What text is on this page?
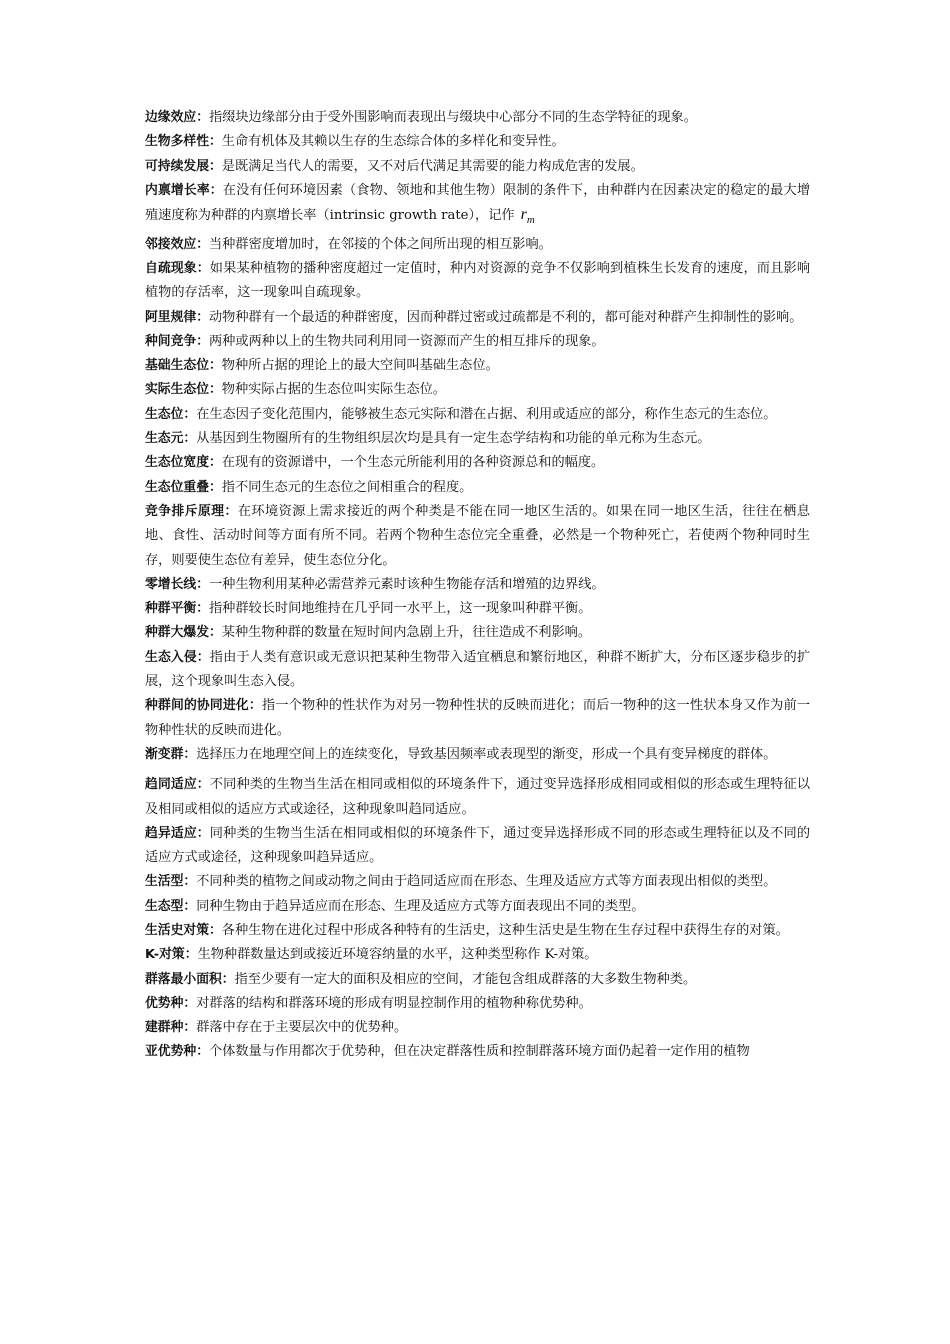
边缘效应：指缀块边缘部分由于受外围影响而表现出与缀块中心部分不同的生态学特征的现象。

生物多样性：生命有机体及其赖以生存的生态综合体的多样化和变异性。

可持续发展：是既满足当代人的需要，又不对后代满足其需要的能力构成危害的发展。

内禀增长率：在没有任何环境因素（食物、领地和其他生物）限制的条件下，由种群内在因素决定的稳定的最大增殖速度称为种群的内禀增长率（intrinsic growth rate），记作 $r_m$

邻接效应：当种群密度增加时，在邻接的个体之间所出现的相互影响。

自疏现象：如果某种植物的播种密度超过一定值时，种内对资源的竞争不仅影响到植株生长发育的速度，而且影响植物的存活率，这一现象叫自疏现象。

阿里规律：动物种群有一个最适的种群密度，因而种群过密或过疏都是不利的，都可能对种群产生抑制性的影响。

种间竞争：两种或两种以上的生物共同利用同一资源而产生的相互排斥的现象。

基础生态位：物种所占据的理论上的最大空间叫基础生态位。

实际生态位：物种实际占据的生态位叫实际生态位。

生态位：在生态因子变化范围内，能够被生态元实际和潜在占据、利用或适应的部分，称作生态元的生态位。

生态元：从基因到生物圈所有的生物组织层次均是具有一定生态学结构和功能的单元称为生态元。

生态位宽度：在现有的资源谱中，一个生态元所能利用的各种资源总和的幅度。

生态位重叠：指不同生态元的生态位之间相重合的程度。

竞争排斥原理：在环境资源上需求接近的两个种类是不能在同一地区生活的。如果在同一地区生活，往往在栖息地、食性、活动时间等方面有所不同。若两个物种生态位完全重叠，必然是一个物种死亡，若使两个物种同时生存，则要使生态位有差异，使生态位分化。

零增长线：一种生物利用某种必需营养元素时该种生物能存活和增殖的边界线。

种群平衡：指种群较长时间地维持在几乎同一水平上，这一现象叫种群平衡。

种群大爆发：某种生物种群的数量在短时间内急剧上升，往往造成不利影响。

生态入侵：指由于人类有意识或无意识把某种生物带入适宜栖息和繁衍地区，种群不断扩大，分布区逐步稳步的扩展，这个现象叫生态入侵。

种群间的协同进化：指一个物种的性状作为对另一物种性状的反映而进化；而后一物种的这一性状本身又作为前一物种性状的反映而进化。

渐变群：选择压力在地理空间上的连续变化，导致基因频率或表现型的渐变，形成一个具有变异梯度的群体。

趋同适应：不同种类的生物当生活在相同或相似的环境条件下，通过变异选择形成相同或相似的形态或生理特征以及相同或相似的适应方式或途径，这种现象叫趋同适应。

趋异适应：同种类的生物当生活在相同或相似的环境条件下，通过变异选择形成不同的形态或生理特征以及不同的适应方式或途径，这种现象叫趋异适应。

生活型：不同种类的植物之间或动物之间由于趋同适应而在形态、生理及适应方式等方面表现出相似的类型。

生态型：同种生物由于趋异适应而在形态、生理及适应方式等方面表现出不同的类型。

生活史对策：各种生物在进化过程中形成各种特有的生活史，这种生活史是生物在生存过程中获得生存的对策。

K-对策：生物种群数量达到或接近环境容纳量的水平，这种类型称作 K-对策。

群落最小面积：指至少要有一定大的面积及相应的空间，才能包含组成群落的大多数生物种类。

优势种：对群落的结构和群落环境的形成有明显控制作用的植物种称优势种。

建群种：群落中存在于主要层次中的优势种。

亚优势种：个体数量与作用都次于优势种，但在决定群落性质和控制群落环境方面仍起着一定作用的植物
